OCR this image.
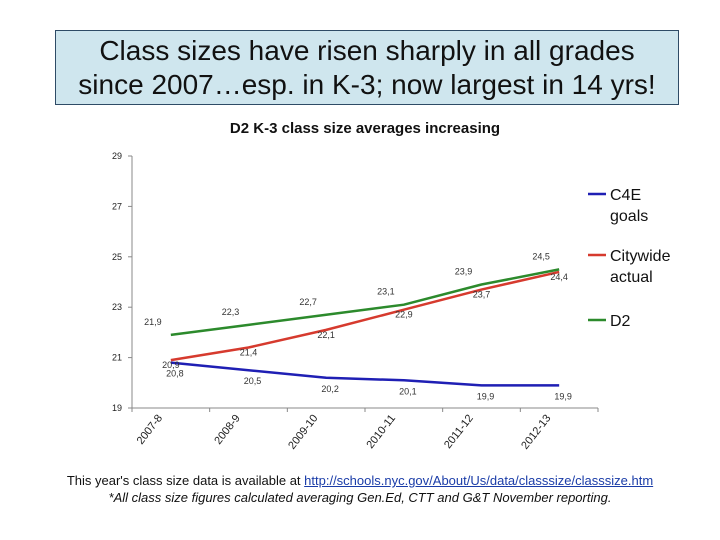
Class sizes have risen sharply in all grades since 2007…esp. in K-3; now largest in 14 yrs!
D2 K-3 class size averages increasing
19
21
23
25
27
29
2007-8	2008-9	2009-10	2010-11	2011-12	2012-13
20,8
20,5
20,2	20,1
19,9	19,9
20,9
21,4
22,1
22,9
23,7
24,4
21,9
22,3
22,7
23,1
23,9
24,5
C4E goals
Citywide actual
D2
This year's class size data is available at http://schools.nyc.gov/About/Us/data/classsize/classsize.htm
*All class size figures calculated averaging Gen.Ed, CTT and G&T November reporting.
